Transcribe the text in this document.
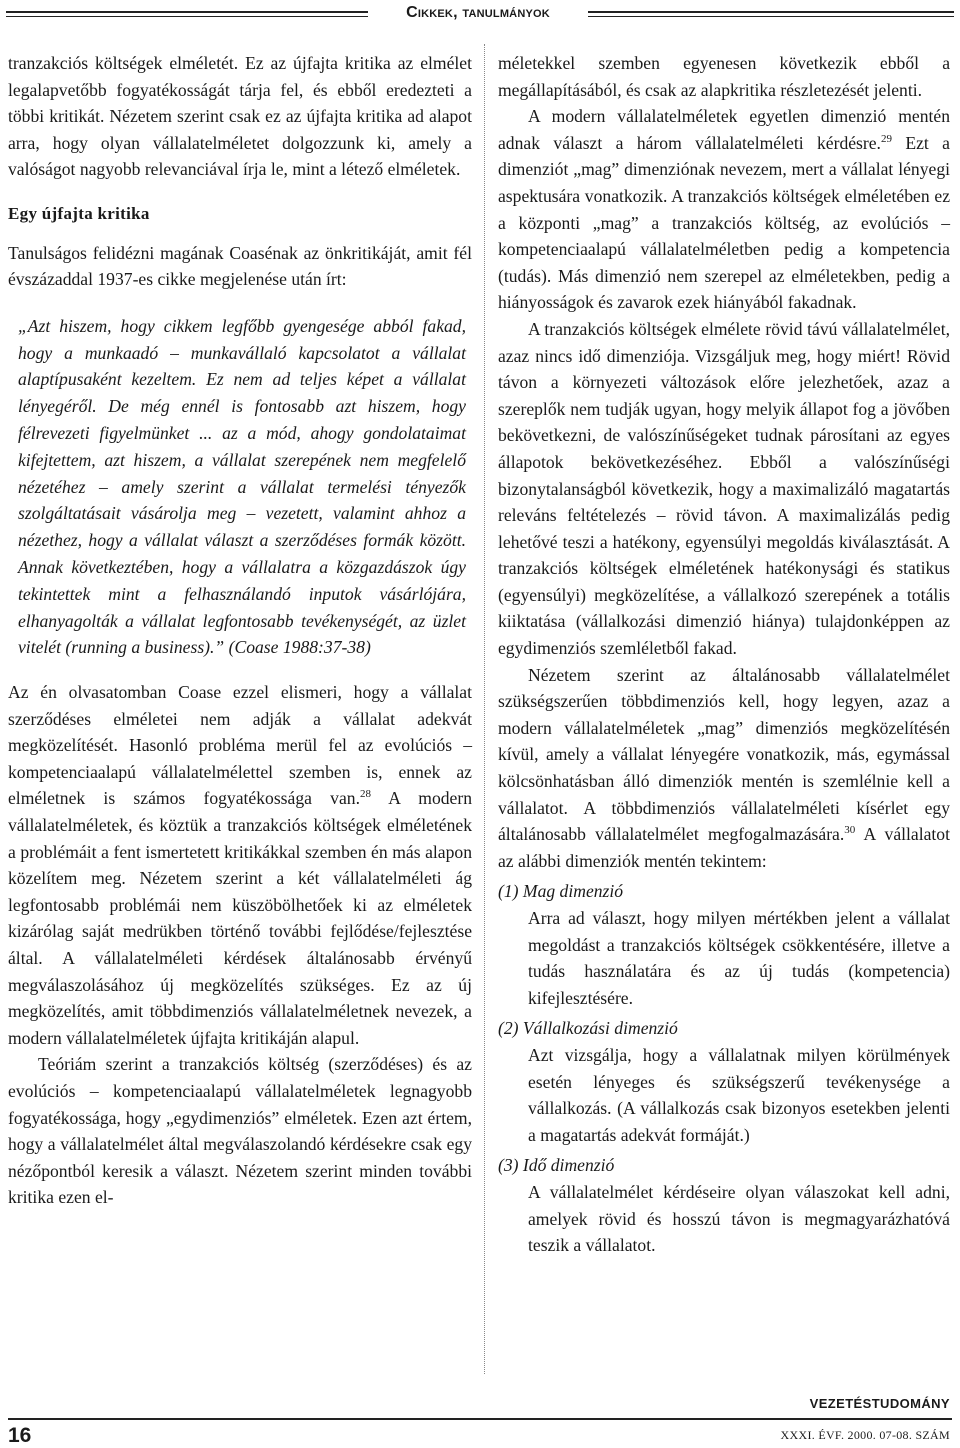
Cikkek, tanulmányok

tranzakciós költségek elméletét. Ez az újfajta kritika az elmélet legalapvetőbb fogyatékosságát tárja fel, és ebből eredezteti a többi kritikát. Nézetem szerint csak ez az újfajta kritika ad alapot arra, hogy olyan vállalatelméletet dolgozzunk ki, amely a valóságot nagyobb relevanciával írja le, mint a létező elméletek.

Egy újfajta kritika

Tanulságos felidézni magának Coasénak az önkritikáját, amit fél évszázaddal 1937-es cikke megjelenése után írt:

„Azt hiszem, hogy cikkem legfőbb gyengesége abból fakad, hogy a munkaadó – munkavállaló kapcsolatot a vállalat alaptípusaként kezeltem. Ez nem ad teljes képet a vállalat lényegéről. De még ennél is fontosabb azt hiszem, hogy félrevezeti figyelmünket ... az a mód, ahogy gondolataimat kifejtettem, azt hiszem, a vállalat szerepének nem megfelelő nézetéhez – amely szerint a vállalat termelési tényezők szolgáltatásait vásárolja meg – vezetett, valamint ahhoz a nézethez, hogy a vállalat választ a szerződéses formák között. Annak következtében, hogy a vállalatra a közgazdászok úgy tekintettek mint a felhasználandó inputok vásárlójára, elhanyagolták a vállalat legfontosabb tevékenységét, az üzlet vitelét (running a business).” (Coase 1988:37-38)

Az én olvasatomban Coase ezzel elismeri, hogy a vállalat szerződéses elméletei nem adják a vállalat adekvát megközelítését. Hasonló probléma merül fel az evolúciós – kompetenciaalapú vállalatelmélettel szemben is, ennek az elméletnek is számos fogyatékossága van.$^{28}$ A modern vállalatelméletek, és köztük a tranzakciós költségek elméletének a problémáit a fent ismertetett kritikákkal szemben én más alapon közelítem meg. Nézetem szerint a két vállalatelméleti ág legfontosabb problémái nem küszöbölhetőek ki az elméletek kizárólag saját medrükben történő további fejlődése/fejlesztése által. A vállalatelméleti kérdések általánosabb érvényű megválaszolásához új megközelítés szükséges. Ez az új megközelítés, amit többdimenziós vállalatelméletnek nevezek, a modern vállalatelméletek újfajta kritikáján alapul.

Teóriám szerint a tranzakciós költség (szerződéses) és az evolúciós – kompetenciaalapú vállalatelméletek legnagyobb fogyatékossága, hogy „egydimenziós” elméletek. Ezen azt értem, hogy a vállalatelmélet által megválaszolandó kérdésekre csak egy nézőpontból keresik a választ. Nézetem szerint minden további kritika ezen el-

méletekkel szemben egyenesen következik ebből a megállapításából, és csak az alapkritika részletezését jelenti.

A modern vállalatelméletek egyetlen dimenzió mentén adnak választ a három vállalatelméleti kérdésre.$^{29}$ Ezt a dimenziót „mag” dimenziónak nevezem, mert a vállalat lényegi aspektusára vonatkozik. A tranzakciós költségek elméletében ez a központi „mag” a tranzakciós költség, az evolúciós – kompetenciaalapú vállalatelméletben pedig a kompetencia (tudás). Más dimenzió nem szerepel az elméletekben, pedig a hiányosságok és zavarok ezek hiányából fakadnak.

A tranzakciós költségek elmélete rövid távú vállalatelmélet, azaz nincs idő dimenziója. Vizsgáljuk meg, hogy miért! Rövid távon a környezeti változások előre jelezhetőek, azaz a szereplők nem tudják ugyan, hogy melyik állapot fog a jövőben bekövetkezni, de valószínűségeket tudnak párosítani az egyes állapotok bekövetkezéséhez. Ebből a valószínűségi bizonytalanságból következik, hogy a maximalizáló magatartás releváns feltételezés – rövid távon. A maximalizálás pedig lehetővé teszi a hatékony, egyensúlyi megoldás kiválasztását. A tranzakciós költségek elméletének hatékonysági és statikus (egyensúlyi) megközelítése, a vállalkozó szerepének a totális kiiktatása (vállalkozási dimenzió hiánya) tulajdonképpen az egydimenziós szemléletből fakad.

Nézetem szerint az általánosabb vállalatelmélet szükségszerűen többdimenziós kell, hogy legyen, azaz a modern vállalatelméletek „mag” dimenziós megközelítésén kívül, amely a vállalat lényegére vonatkozik, más, egymással kölcsönhatásban álló dimenziók mentén is szemlélnie kell a vállalatot. A többdimenziós vállalatelméleti kísérlet egy általánosabb vállalatelmélet megfogalmazására.$^{30}$ A vállalatot az alábbi dimenziók mentén tekintem:

(1) Mag dimenzió

Arra ad választ, hogy milyen mértékben jelent a vállalat megoldást a tranzakciós költségek csökkentésére, illetve a tudás használatára és az új tudás (kompetencia) kifejlesztésére.

(2) Vállalkozási dimenzió

Azt vizsgálja, hogy a vállalatnak milyen körülmények esetén lényeges és szükségszerű tevékenysége a vállalkozás. (A vállalkozás csak bizonyos esetekben jelenti a magatartás adekvát formáját.)

(3) Idő dimenzió

A vállalatelmélet kérdéseire olyan válaszokat kell adni, amelyek rövid és hosszú távon is megmagyarázhatóvá teszik a vállalatot.

VEZETÉSTUDOMÁNY
16	XXXI. ÉVF. 2000. 07-08. SZÁM
